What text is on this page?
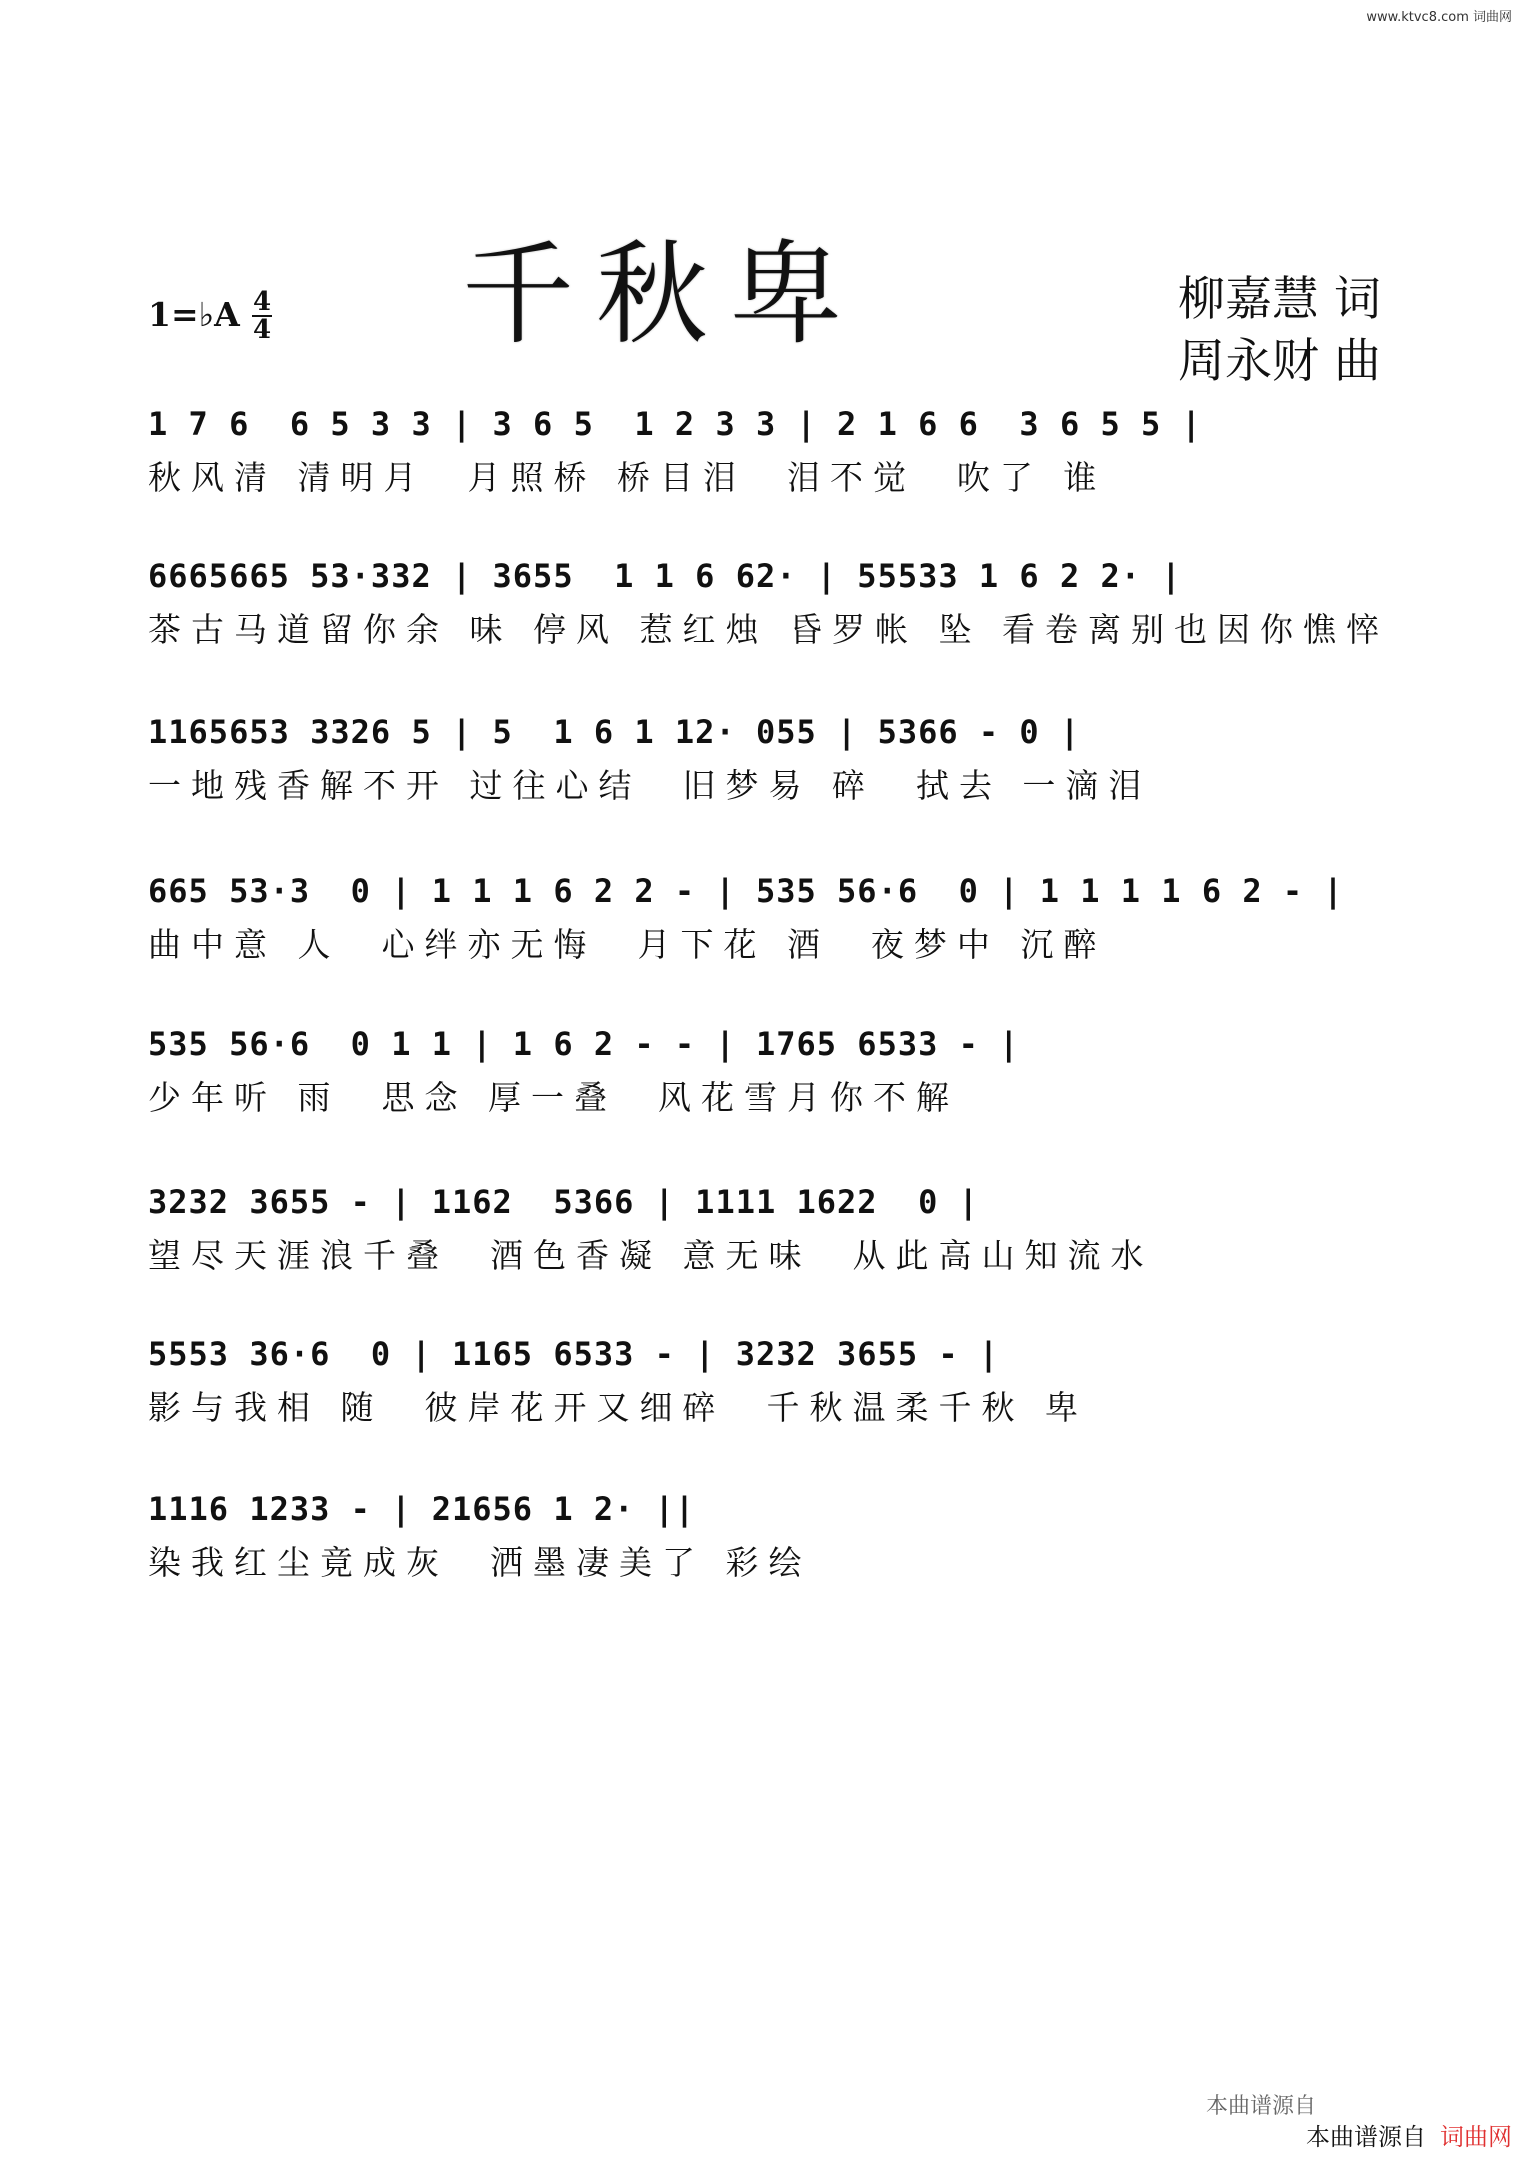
www.ktvc8.com 词曲网
千秋卑	柳嘉慧 词
周永财 曲
1=♭A 4
4
1 7 6  6 5 3 3 | 3 6 5  1 2 3 3 | 2 1 6 6  3 6 5 5 |
秋风清 清明月  月照桥 桥目泪  泪不觉  吹了 谁
6665665 53·332 | 3655  1 1 6 62· | 55533 1 6 2 2· |
茶古马道留你余 味 停风 惹红烛 昏罗帐 坠 看卷离别也因你憔悴
1165653 3326 5 | 5  1 6 1 12· 055 | 5366 - 0 |
一地残香解不开 过往心结  旧梦易 碎  拭去 一滴泪
665 53·3  0 | 1 1 1 6 2 2 - | 535 56·6  0 | 1 1 1 1 6 2 - |
曲中意 人  心绊亦无悔  月下花 酒  夜梦中 沉醉
535 56·6  0 1 1 | 1 6 2 - - | 1765 6533 - |
少年听 雨  思念 厚一叠  风花雪月你不解
3232 3655 - | 1162  5366 | 1111 1622  0 |
望尽天涯浪千叠  酒色香凝 意无味  从此高山知流水
5553 36·6  0 | 1165 6533 - | 3232 3655 - |
影与我相 随  彼岸花开又细碎  千秋温柔千秋 卑
1116 1233 - | 21656 1 2· ||
染我红尘竟成灰  洒墨凄美了 彩绘
本曲谱源自
本曲谱源自 词曲网
